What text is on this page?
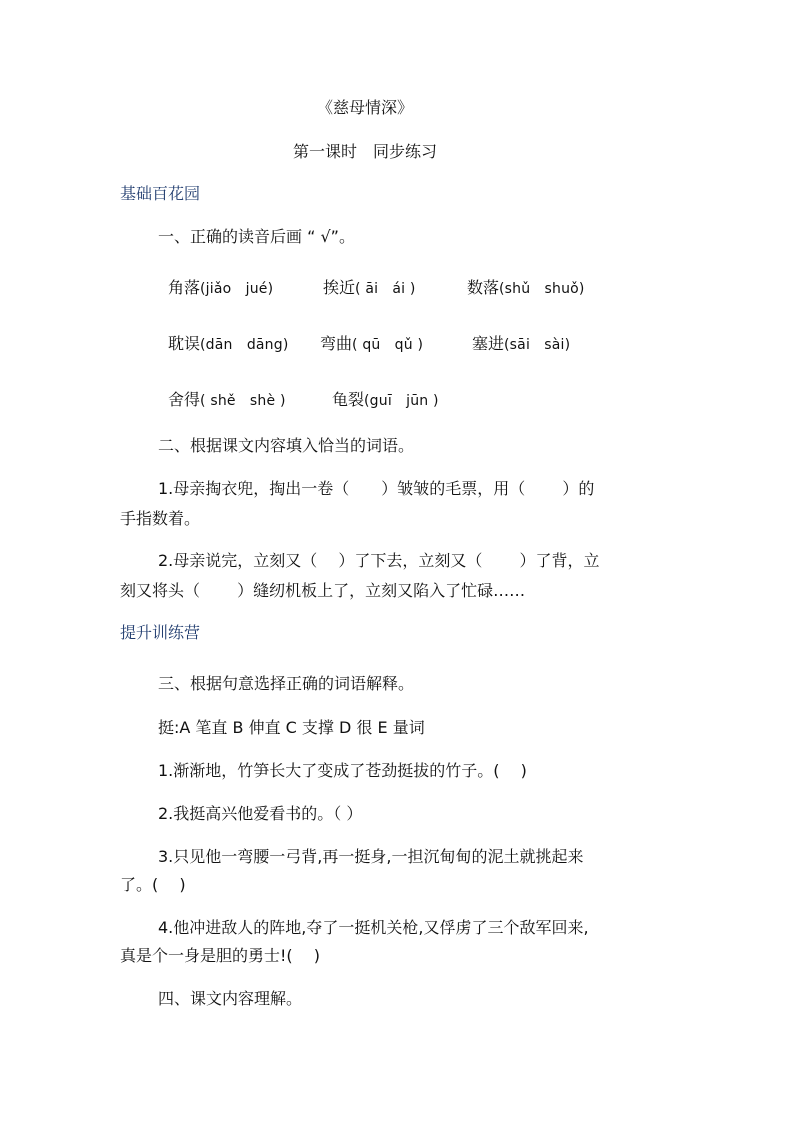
《慈母情深》
第一课时　同步练习
基础百花园
一、正确的读音后画 “ √”。
角落(jiǎo　jué)	挨近( āi　ái )	数落(shǔ　shuǒ)
耽误(dān　dāng) 弯曲( qū　qǔ )	塞进(sāi　sài)
舍得( shě　shè )	龟裂(guī　jūn )
二、根据课文内容填入恰当的词语。
1.母亲掏衣兜，掏出一卷（　　）皱皱的毛票，用（　　 ）的
手指数着。
2.母亲说完，立刻又（　 ）了下去，立刻又（　　 ）了背，立
刻又将头（　　 ）缝纫机板上了，立刻又陷入了忙碌……
提升训练营
三、根据句意选择正确的词语解释。
挺:A 笔直 B 伸直 C 支撑 D 很 E 量词
1.渐渐地，竹笋长大了变成了苍劲挺拔的竹子。(　 )
2.我挺高兴他爱看书的。（ ）
3.只见他一弯腰一弓背,再一挺身,一担沉甸甸的泥土就挑起来
了。(　 )
4.他冲进敌人的阵地,夺了一挺机关枪,又俘虏了三个敌军回来,
真是个一身是胆的勇士!(　 )
四、课文内容理解。
